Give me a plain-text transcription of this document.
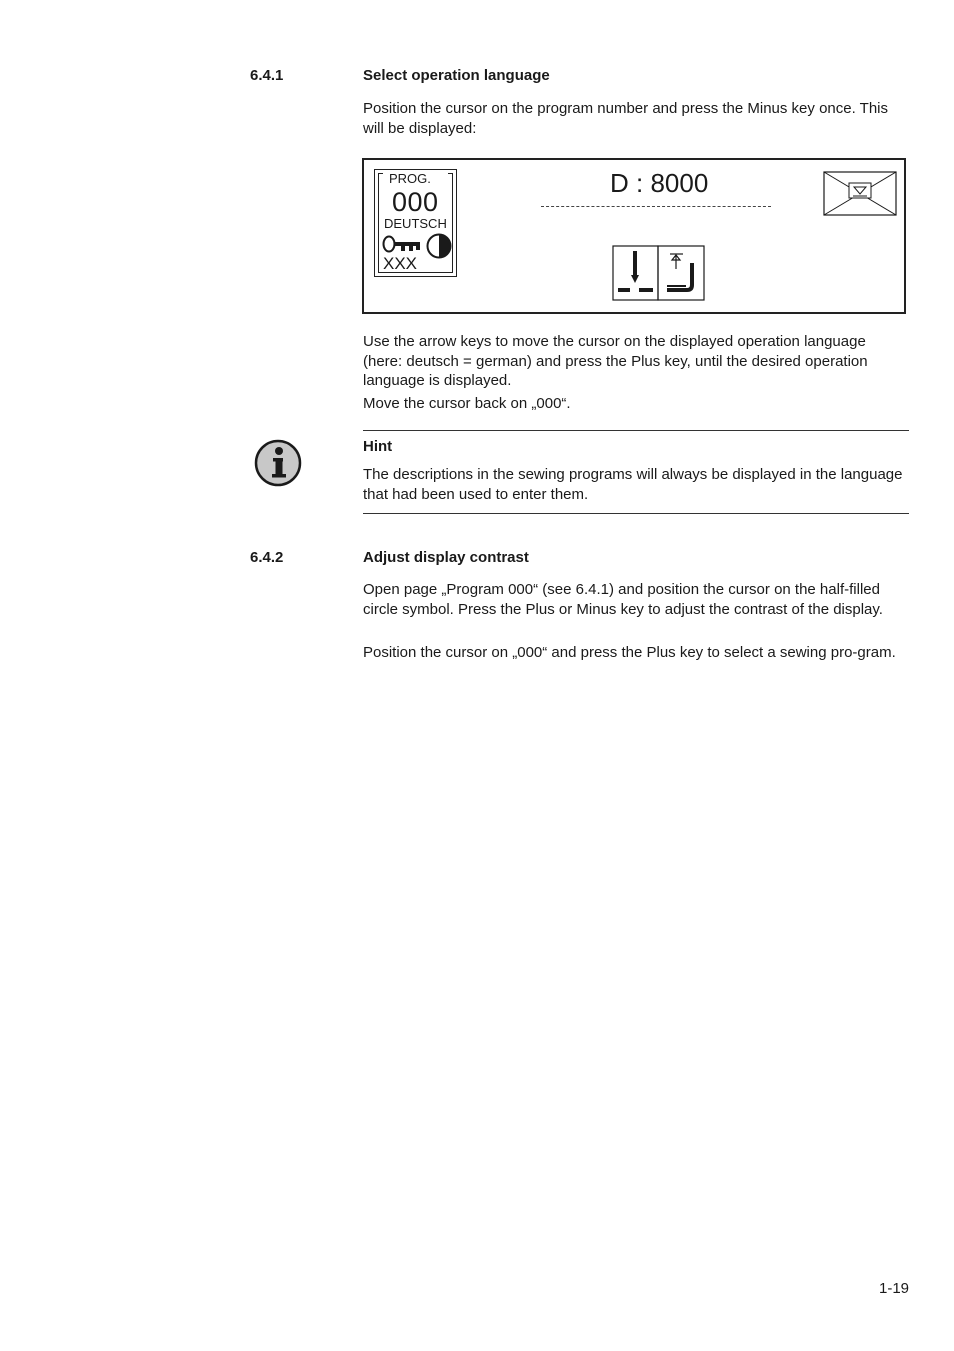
6.4.1	Select operation language

Position the cursor on the program number and press the Minus key once. This will be displayed:

PROG.
000
DEUTSCH
XXX
D : 8000

Use the arrow keys to move the cursor on the displayed operation language (here: deutsch = german) and press the Plus key, until the desired operation language is displayed.

Move the cursor back on „000“.

Hint

The descriptions in the sewing programs will always be displayed in the language that had been used to enter them.

6.4.2	Adjust display contrast

Open page „Program 000“ (see 6.4.1) and position the cursor on the half-filled circle symbol. Press the Plus or Minus key to adjust the contrast of the display.

Position the cursor on „000“ and press the Plus key to select a sewing pro-gram.

1-19
